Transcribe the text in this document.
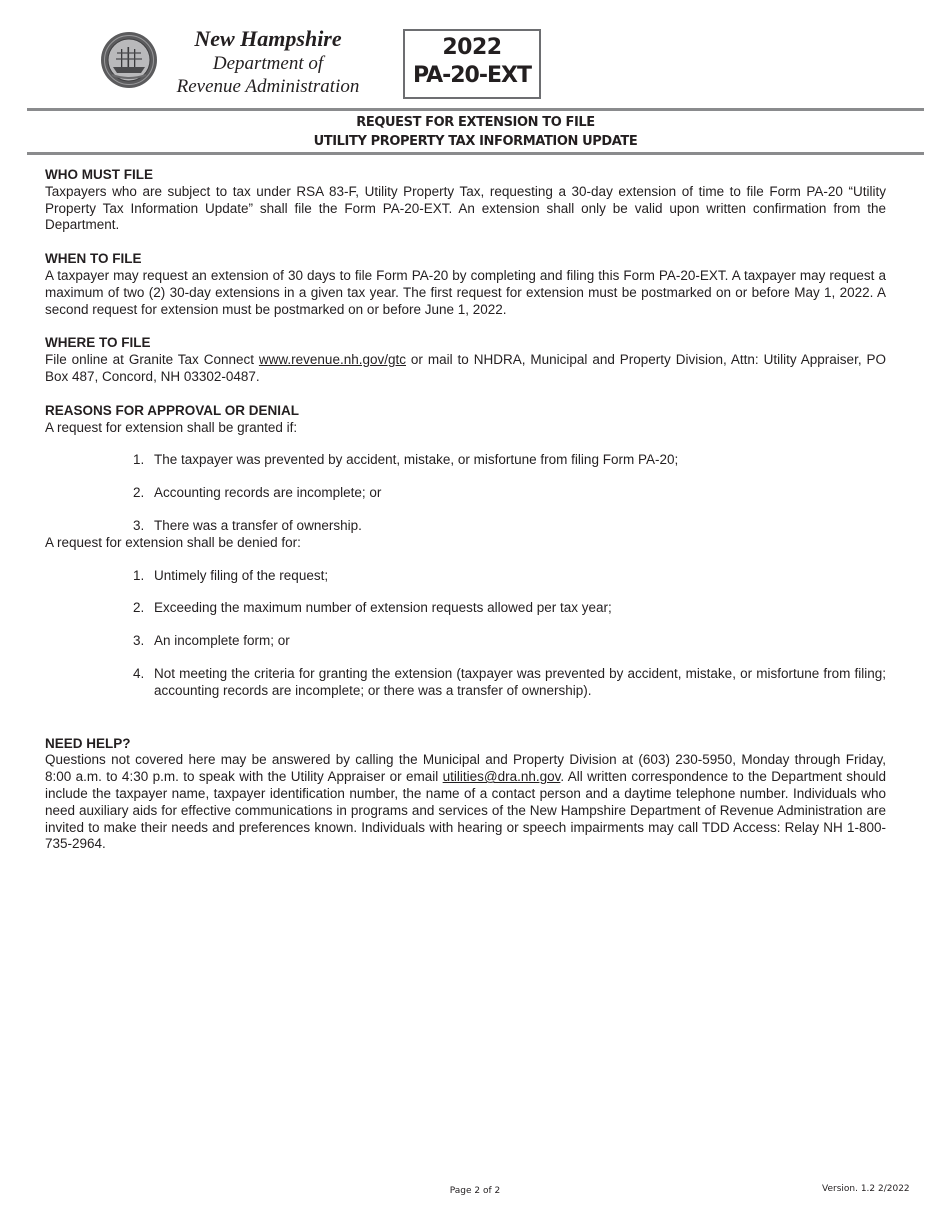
New Hampshire
Department of
Revenue Administration
2022
PA-20-EXT
REQUEST FOR EXTENSION TO FILE
UTILITY PROPERTY TAX INFORMATION UPDATE
WHO MUST FILE

Taxpayers who are subject to tax under RSA 83-F, Utility Property Tax, requesting a 30-day extension of time to file Form PA-20 “Utility Property Tax Information Update” shall file the Form PA-20-EXT. An extension shall only be valid upon written confirmation from the Department.

WHEN TO FILE

A taxpayer may request an extension of 30 days to file Form PA-20 by completing and filing this Form PA-20-EXT. A taxpayer may request a maximum of two (2) 30-day extensions in a given tax year. The first request for extension must be postmarked on or before May 1, 2022. A second request for extension must be postmarked on or before June 1, 2022.

WHERE TO FILE

File online at Granite Tax Connect www.revenue.nh.gov/gtc or mail to NHDRA, Municipal and Property Division, Attn: Utility Appraiser, PO Box 487, Concord, NH 03302-0487.

REASONS FOR APPROVAL OR DENIAL

A request for extension shall be granted if:

1. The taxpayer was prevented by accident, mistake, or misfortune from filing Form PA-20;
2. Accounting records are incomplete; or
3. There was a transfer of ownership.

A request for extension shall be denied for:

1. Untimely filing of the request;
2. Exceeding the maximum number of extension requests allowed per tax year;
3. An incomplete form; or
4. Not meeting the criteria for granting the extension (taxpayer was prevented by accident, mistake, or misfortune from filing; accounting records are incomplete; or there was a transfer of ownership).
NEED HELP?

Questions not covered here may be answered by calling the Municipal and Property Division at (603) 230-5950, Monday through Friday, 8:00 a.m. to 4:30 p.m. to speak with the Utility Appraiser or email utilities@dra.nh.gov. All written correspondence to the Department should include the taxpayer name, taxpayer identification number, the name of a contact person and a daytime telephone number. Individuals who need auxiliary aids for effective communications in programs and services of the New Hampshire Department of Revenue Administration are invited to make their needs and preferences known. Individuals with hearing or speech impairments may call TDD Access: Relay NH 1-800-735-2964.

Page 2 of 2	Version. 1.2 2/2022
